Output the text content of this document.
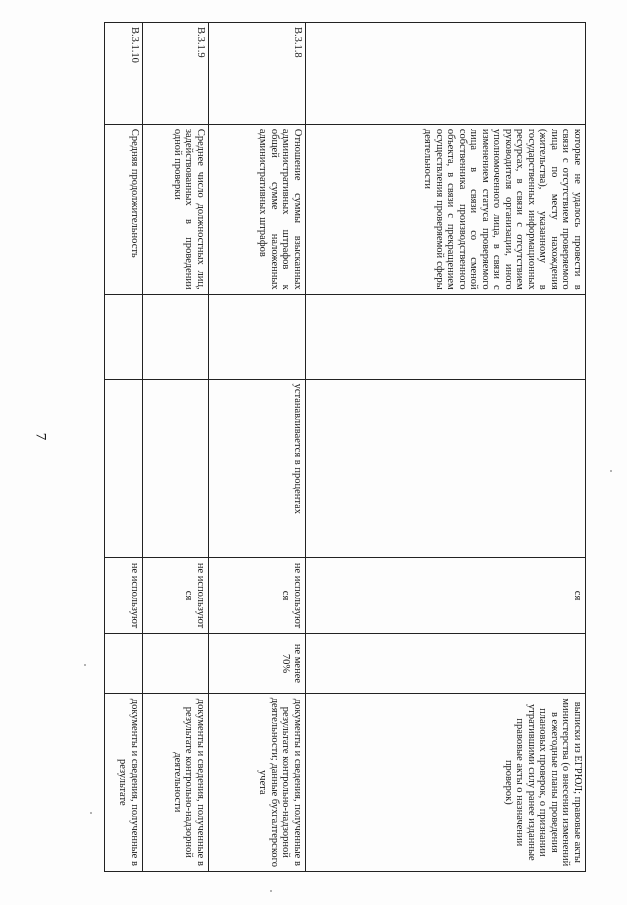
7
	которые не удалось провести в связи с отсутствием проверяемого лица по месту нахождения (жительства), указанному в государственных информационных ресурсах, в связи с отсутствием руководителя организации, иного уполномоченного лица, в связи с изменением статуса проверяемого лица в связи со сменой собственника производственного объекта, в связи с прекращением осуществления проверяемой сферы деятельности			ся		выписки из ЕГРЮЛ; правовые акты министерства (о внесении изменений в ежегодные планы проведения плановых проверок, о признании утратившими силу ранее изданные правовые акты о назначении проверок)
В.3.1.8	Отношение суммы взысканных административных штрафов к общей сумме наложенных административных штрафов		устанавливается в процентах	не используют ся	не менее 70%	документы и сведения, полученные в результате контрольно-надзорной деятельности; данные бухгалтерского учета
В.3.1.9	Среднее число должностных лиц, задействованных в проведении одной проверки			не используют ся		документы и сведения, полученные в результате контрольно-надзорной деятельности
В.3.1.10	Средняя продолжительность			не используют		документы и сведения, полученные в результате
